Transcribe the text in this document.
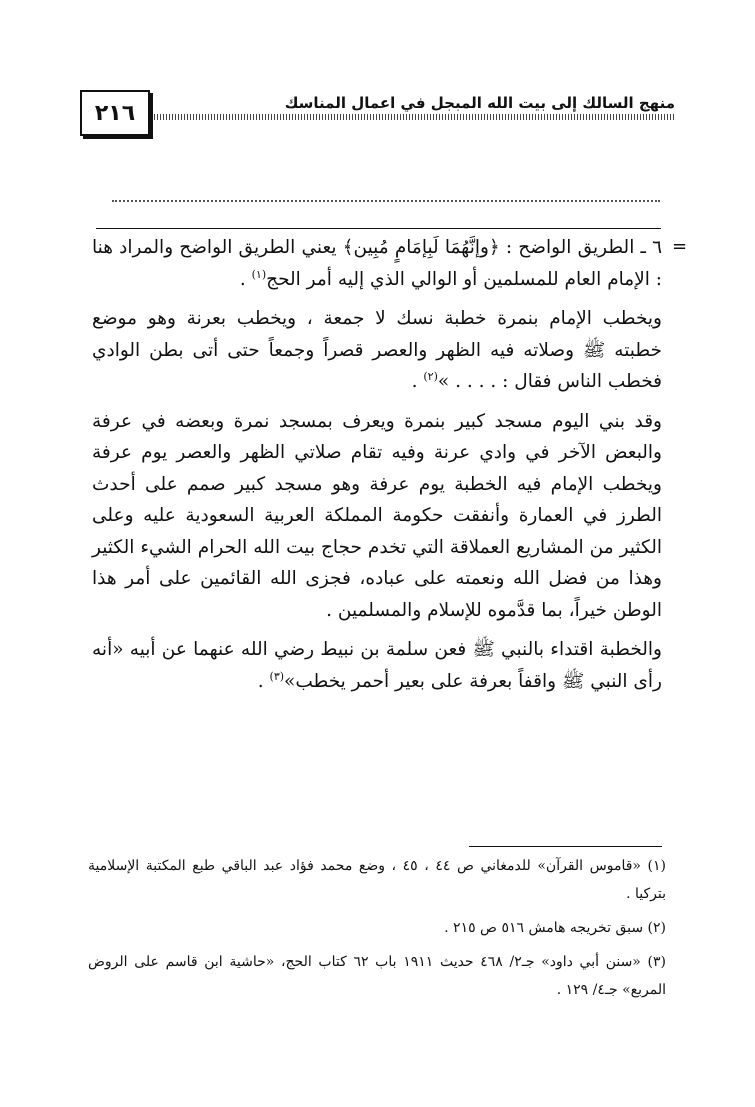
٢١٦	منهج السالك إلى بيت الله المبجل في اعمال المناسك
=

٦ ـ الطريق الواضح : ﴿وإنَّهُمَا لَبِإمَامٍ مُبِين﴾ يعني الطريق الواضح والمراد هنا : الإمام العام للمسلمين أو الوالي الذي إليه أمر الحج$^{(١)}$ .

ويخطب الإمام بنمرة خطبة نسك لا جمعة ، ويخطب بعرنة وهو موضع خطبته ﷺ وصلاته فيه الظهر والعصر قصراً وجمعاً حتى أتى بطن الوادي فخطب الناس فقال : . . . . »$^{(٢)}$ .

وقد بني اليوم مسجد كبير بنمرة ويعرف بمسجد نمرة وبعضه في عرفة والبعض الآخر في وادي عرنة وفيه تقام صلاتي الظهر والعصر يوم عرفة ويخطب الإمام فيه الخطبة يوم عرفة وهو مسجد كبير صمم على أحدث الطرز في العمارة وأنفقت حكومة المملكة العربية السعودية عليه وعلى الكثير من المشاريع العملاقة التي تخدم حجاج بيت الله الحرام الشيء الكثير وهذا من فضل الله ونعمته على عباده، فجزى الله القائمين على أمر هذا الوطن خيراً، بما قدَّموه للإسلام والمسلمين .

والخطبة اقتداء بالنبي ﷺ فعن سلمة بن نبيط رضي الله عنهما عن أبيه «أنه رأى النبي ﷺ واقفاً بعرفة على بعير أحمر يخطب»$^{(٣)}$ .

(١) «قاموس القرآن» للدمغاني ص ٤٤ ، ٤٥ ، وضع محمد فؤاد عبد الباقي طبع المكتبة الإسلامية بتركيا .

(٢) سبق تخريجه هامش ٥١٦ ص ٢١٥ .

(٣) «سنن أبي داود» جـ٢/ ٤٦٨ حديث ١٩١١ باب ٦٢ كتاب الحج، «حاشية ابن قاسم على الروض المربع» جـ٤/ ١٢٩ .
